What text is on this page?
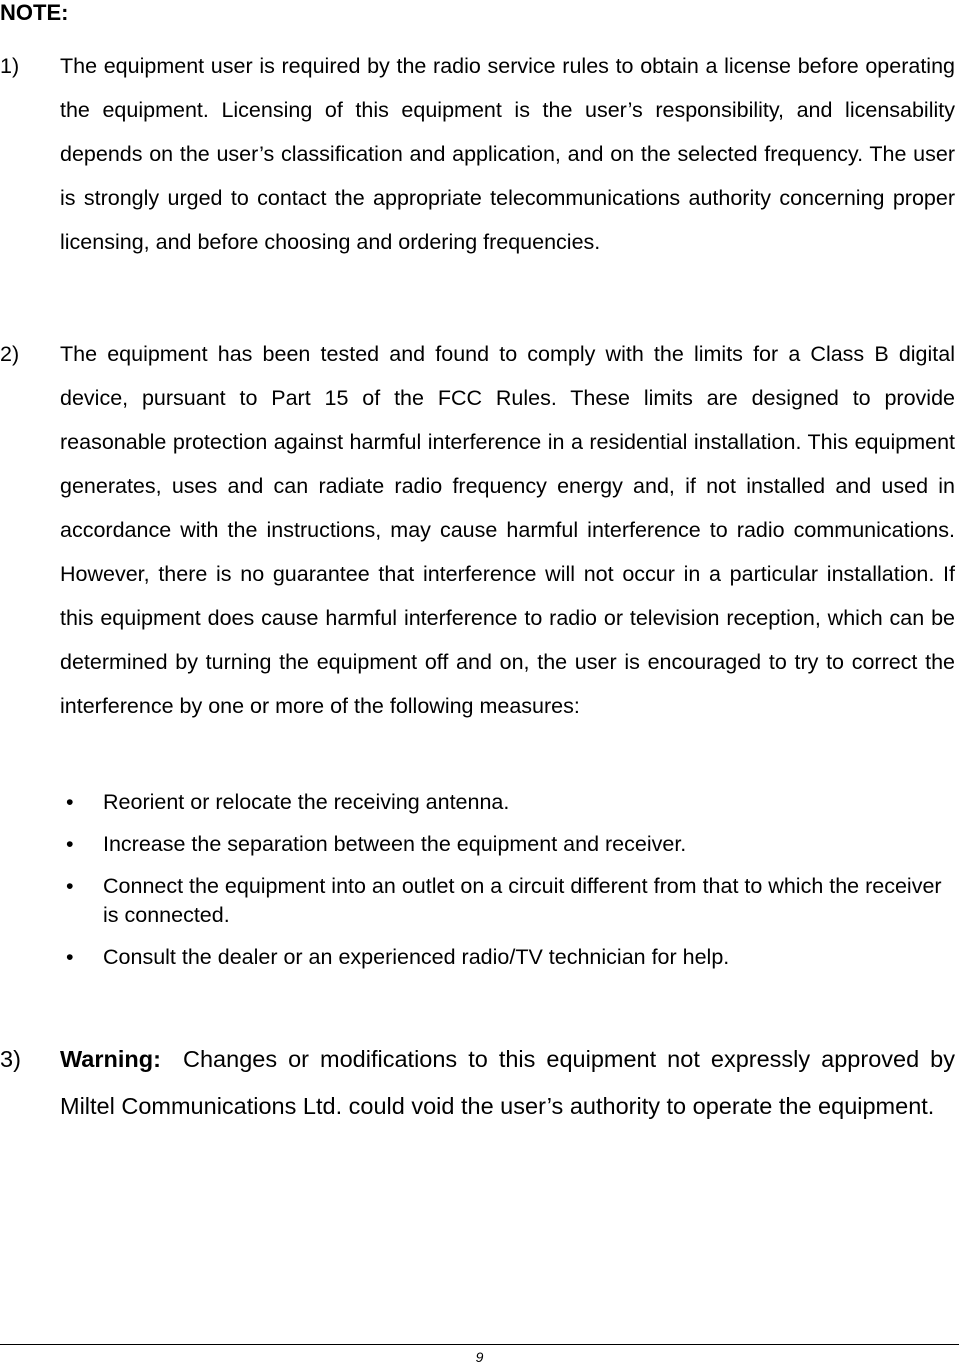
NOTE:
1) The equipment user is required by the radio service rules to obtain a license before operating the equipment. Licensing of this equipment is the user’s responsibility, and licensability depends on the user’s classification and application, and on the selected frequency. The user is strongly urged to contact the appropriate telecommunications authority concerning proper licensing, and before choosing and ordering frequencies.
2) The equipment has been tested and found to comply with the limits for a Class B digital device, pursuant to Part 15 of the FCC Rules. These limits are designed to provide reasonable protection against harmful interference in a residential installation. This equipment generates, uses and can radiate radio frequency energy and, if not installed and used in accordance with the instructions, may cause harmful interference to radio communications. However, there is no guarantee that interference will not occur in a particular installation. If this equipment does cause harmful interference to radio or television reception, which can be determined by turning the equipment off and on, the user is encouraged to try to correct the interference by one or more of the following measures:
• Reorient or relocate the receiving antenna.
• Increase the separation between the equipment and receiver.
• Connect the equipment into an outlet on a circuit different from that to which the receiver is connected.
• Consult the dealer or an experienced radio/TV technician for help.
3) Warning: Changes or modifications to this equipment not expressly approved by Miltel Communications Ltd. could void the user’s authority to operate the equipment.
9
